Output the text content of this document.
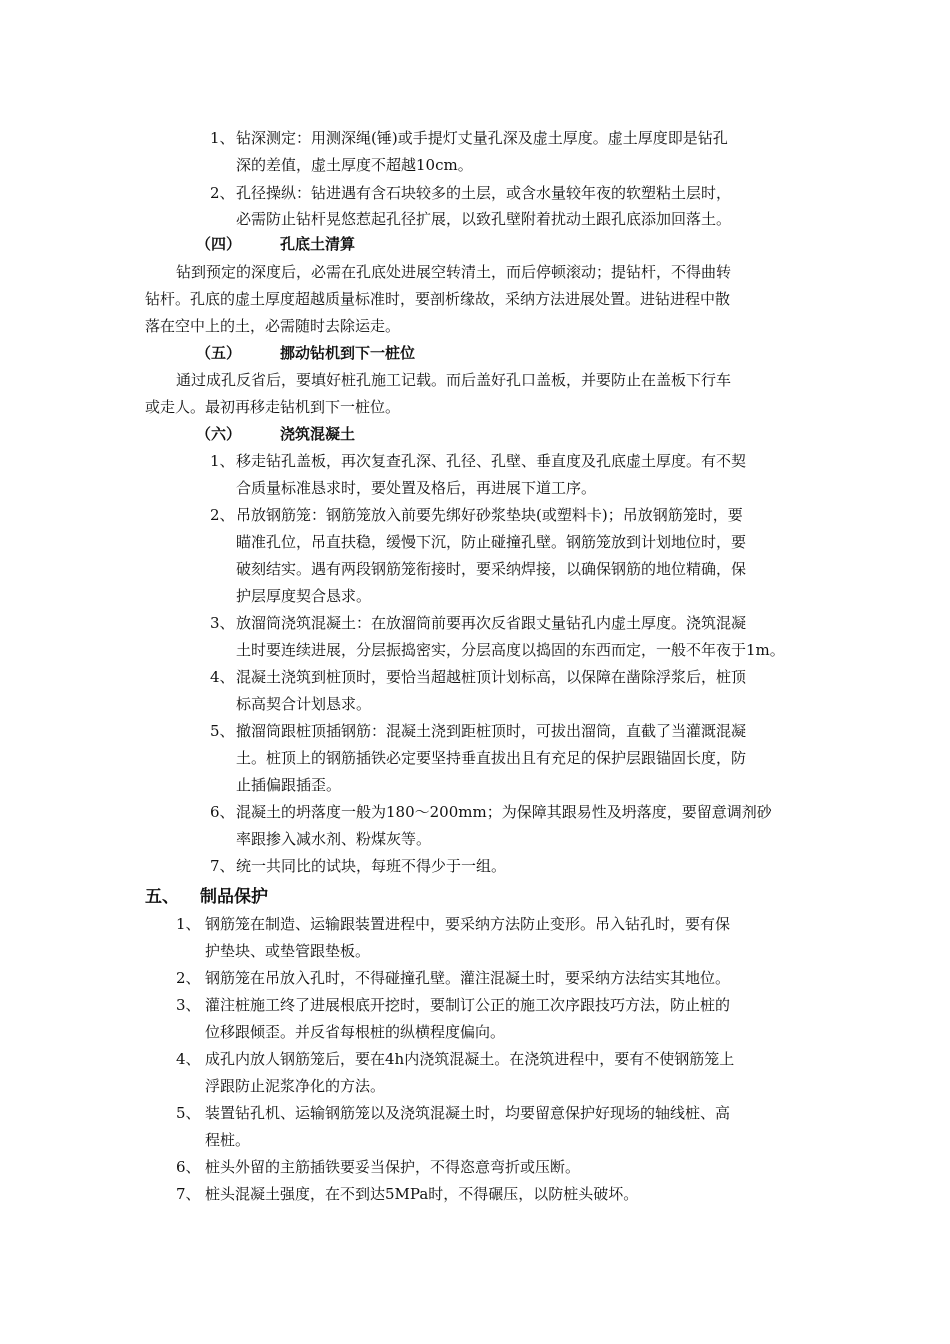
1、 钻深测定：用测深绳(锤)或手提灯丈量孔深及虚土厚度。虚土厚度即是钻孔
深的差值，虚土厚度不超越10cm。
2、 孔径操纵：钻进遇有含石块较多的土层，或含水量较年夜的软塑粘土层时，
必需防止钻杆晃悠惹起孔径扩展，以致孔壁附着扰动土跟孔底添加回落土。
（四）	孔底土清算
钻到预定的深度后，必需在孔底处进展空转清土，而后停顿滚动；提钻杆，不得曲转
钻杆。孔底的虚土厚度超越质量标准时，要剖析缘故，采纳方法进展处置。进钻进程中散
落在空中上的土，必需随时去除运走。
（五）	挪动钻机到下一桩位
通过成孔反省后，要填好桩孔施工记载。而后盖好孔口盖板，并要防止在盖板下行车
或走人。最初再移走钻机到下一桩位。
（六）	浇筑混凝土
1、 移走钻孔盖板，再次复查孔深、孔径、孔壁、垂直度及孔底虚土厚度。有不契
合质量标准恳求时，要处置及格后，再进展下道工序。
2、 吊放钢筋笼：钢筋笼放入前要先绑好砂浆垫块(或塑料卡)；吊放钢筋笼时，要
瞄准孔位，吊直扶稳，缓慢下沉，防止碰撞孔壁。钢筋笼放到计划地位时，要
破刻结实。遇有两段钢筋笼衔接时，要采纳焊接，以确保钢筋的地位精确，保
护层厚度契合恳求。
3、 放溜筒浇筑混凝土：在放溜筒前要再次反省跟丈量钻孔内虚土厚度。浇筑混凝
土时要连续进展，分层振捣密实，分层高度以捣固的东西而定，一般不年夜于1m。
4、 混凝土浇筑到桩顶时，要恰当超越桩顶计划标高，以保障在凿除浮浆后，桩顶
标高契合计划恳求。
5、 撤溜筒跟桩顶插钢筋：混凝土浇到距桩顶时，可拔出溜筒，直截了当灌溉混凝
土。桩顶上的钢筋插铁必定要坚持垂直拔出且有充足的保护层跟锚固长度，防
止插偏跟插歪。
6、 混凝土的坍落度一般为180～200mm；为保障其跟易性及坍落度，要留意调剂砂
率跟掺入减水剂、粉煤灰等。
7、 统一共同比的试块，每班不得少于一组。
五、 制品保护
1、 钢筋笼在制造、运输跟装置进程中，要采纳方法防止变形。吊入钻孔时，要有保
护垫块、或垫管跟垫板。
2、 钢筋笼在吊放入孔时，不得碰撞孔壁。灌注混凝土时，要采纳方法结实其地位。
3、 灌注桩施工终了进展根底开挖时，要制订公正的施工次序跟技巧方法，防止桩的
位移跟倾歪。并反省每根桩的纵横程度偏向。
4、 成孔内放人钢筋笼后，要在4h内浇筑混凝土。在浇筑进程中，要有不使钢筋笼上
浮跟防止泥浆净化的方法。
5、 装置钻孔机、运输钢筋笼以及浇筑混凝土时，均要留意保护好现场的轴线桩、高
程桩。
6、 桩头外留的主筋插铁要妥当保护，不得恣意弯折或压断。
7、 桩头混凝土强度，在不到达5MPa时，不得碾压，以防桩头破坏。
